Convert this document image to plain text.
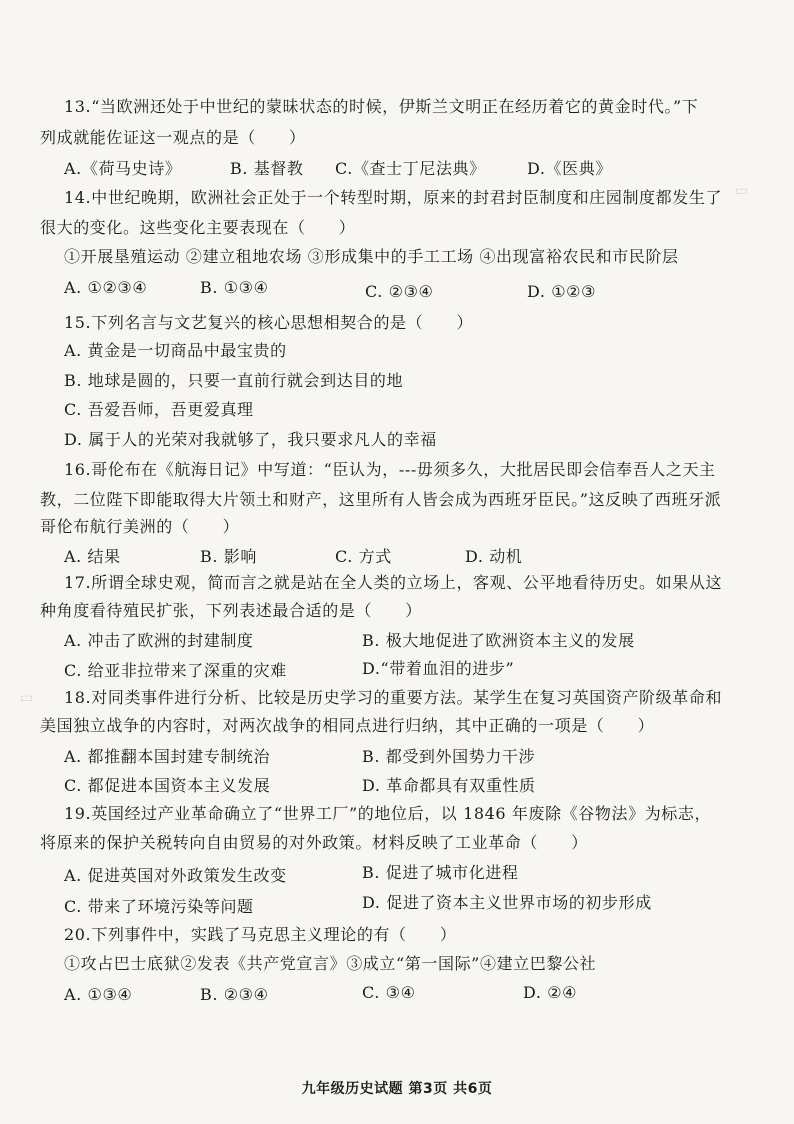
▭
▭
13.“当欧洲还处于中世纪的蒙昧状态的时候，伊斯兰文明正在经历着它的黄金时代。”下
列成就能佐证这一观点的是（　　）
A.《荷马史诗》	B. 基督教 C.《查士丁尼法典》	D.《医典》
14.中世纪晚期，欧洲社会正处于一个转型时期，原来的封君封臣制度和庄园制度都发生了
很大的变化。这些变化主要表现在（　　）
①开展垦殖运动 ②建立租地农场 ③形成集中的手工工场 ④出现富裕农民和市民阶层
A. ①②③④	B. ①③④	C. ②③④	D. ①②③
15.下列名言与文艺复兴的核心思想相契合的是（　　）
A. 黄金是一切商品中最宝贵的
B. 地球是圆的，只要一直前行就会到达目的地
C. 吾爱吾师，吾更爱真理
D. 属于人的光荣对我就够了，我只要求凡人的幸福
16.哥伦布在《航海日记》中写道：“臣认为，---毋须多久，大批居民即会信奉吾人之天主
教，二位陛下即能取得大片领土和财产，这里所有人皆会成为西班牙臣民。”这反映了西班牙派
哥伦布航行美洲的（　　）
A. 结果	B. 影响	C. 方式	D. 动机
17.所谓全球史观，简而言之就是站在全人类的立场上，客观、公平地看待历史。如果从这
种角度看待殖民扩张，下列表述最合适的是（　　）
A. 冲击了欧洲的封建制度	B. 极大地促进了欧洲资本主义的发展
C. 给亚非拉带来了深重的灾难	D.“带着血泪的进步”
18.对同类事件进行分析、比较是历史学习的重要方法。某学生在复习英国资产阶级革命和
美国独立战争的内容时，对两次战争的相同点进行归纳，其中正确的一项是（　　）
A. 都推翻本国封建专制统治	B. 都受到外国势力干涉
C. 都促进本国资本主义发展	D. 革命都具有双重性质
19.英国经过产业革命确立了“世界工厂”的地位后，以 1846 年废除《谷物法》为标志，
将原来的保护关税转向自由贸易的对外政策。材料反映了工业革命（　　）
A. 促进英国对外政策发生改变	B. 促进了城市化进程
C. 带来了环境污染等问题	D. 促进了资本主义世界市场的初步形成
20.下列事件中，实践了马克思主义理论的有（　　）
①攻占巴士底狱②发表《共产党宣言》③成立“第一国际”④建立巴黎公社
A. ①③④	B. ②③④	C. ③④	D. ②④
九年级历史试题 第3页 共6页
